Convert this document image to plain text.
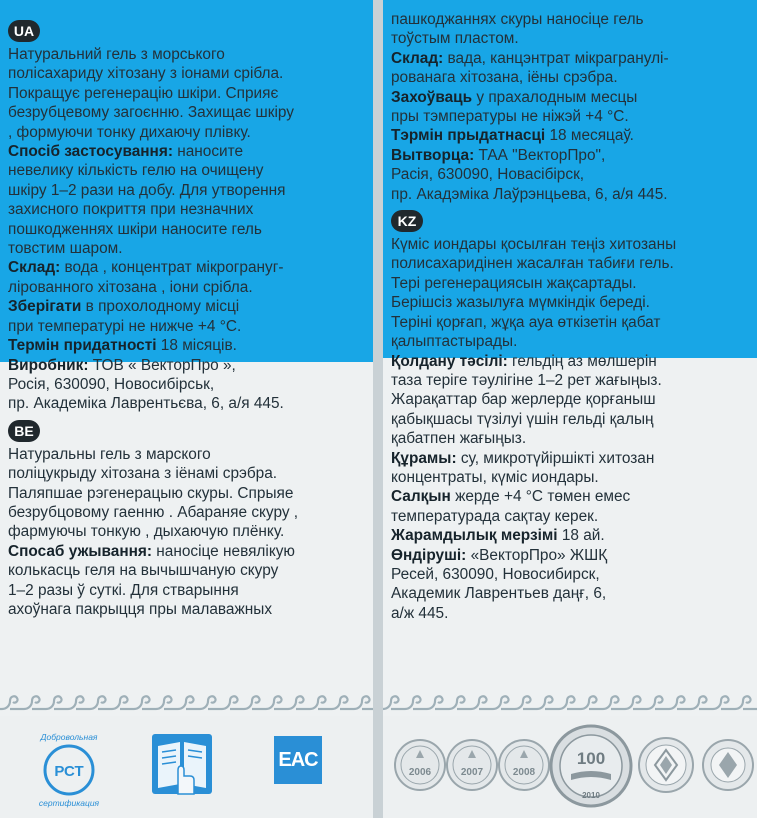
UA

Натуральний гель з морського
полісахариду хітозану з іонами срібла.
Покращує регенерацію шкіри. Сприяє
безрубцевому загоєнню. Захищає шкіру
, формуючи тонку дихаючу плівку.

Спосіб застосування: наносите
невелику кількість гелю на очищену
шкіру 1–2 рази на добу. Для утворення
захисного покриття при незначних
пошкодженнях шкіри наносите гель
товстим шаром.

Склад: вода , концентрат мікрогрануг-
лірованного хітозана , іони срібла.

Зберігати в прохолодному місці
при температурі не нижче +4 °С.

Термін придатності 18 місяців.

Виробник: ТОВ « ВекторПро »,
Росія, 630090, Новосибірськ,
пр. Академіка Лаврентьєва, 6, а/я 445.

BE

Натуральны гель з марского
поліцукрыду хітозана з іёнамі срэбра.
Паляпшае рэгенерацыю скуры. Спрыяе
безрубцовому гаенню . Абараняе скуру ,
фармуючы тонкую , дыхаючую плёнку.

Спосаб ужывання: наносіце невялікую
колькасць геля на вычышчаную скуру
1–2 разы ў суткі. Для стварыння
ахоўнага пакрыцця пры малаважных

РСТ
Добровольная
сертификация
EAC

пашкоджаннях скуры наносіце гель
тоўстым пластом.

Склад: вада, канцэнтрат мікрагранулі-
рованага хітозана, іёны срэбра.

Захоўваць у прахалодным месцы
пры тэмпературы не ніжэй +4 °С.

Тэрмін прыдатнасці 18 месяцаў.

Вытворца: ТАА "ВекторПро",
Расія, 630090, Новасібірск,
пр. Акадэміка Лаўрэнцьева, 6, а/я 445.

KZ

Күміс иондары қосылған теңіз хитозаны
полисахаридінен жасалған табиғи гель.
Тері регенерациясын жақсартады.
Берішсіз жазылуға мүмкіндік береді.
Теріні қорғап, жұқа ауа өткізетін қабат
қалыптастырады.

Қолдану тәсілі: гельдің аз мөлшерін
таза теріге тәулігіне 1–2 рет жағыңыз.
Жарақаттар бар жерлерде қорғаныш
қабықшасы түзілуі үшін гельді қалың
қабатпен жағыңыз.

Құрамы: су, микротүйіршікті хитозан
концентраты, күміс иондары.

Салқын жерде +4 °С төмен емес
температурада сақтау керек.

Жарамдылық мерзімі 18 ай.

Өндіруші: «ВекторПро» ЖШҚ
Ресей, 630090, Новосибирск,
Академик Лаврентьев даңғ, 6,
а/ж 445.

2006	2007	2008
100
2010
